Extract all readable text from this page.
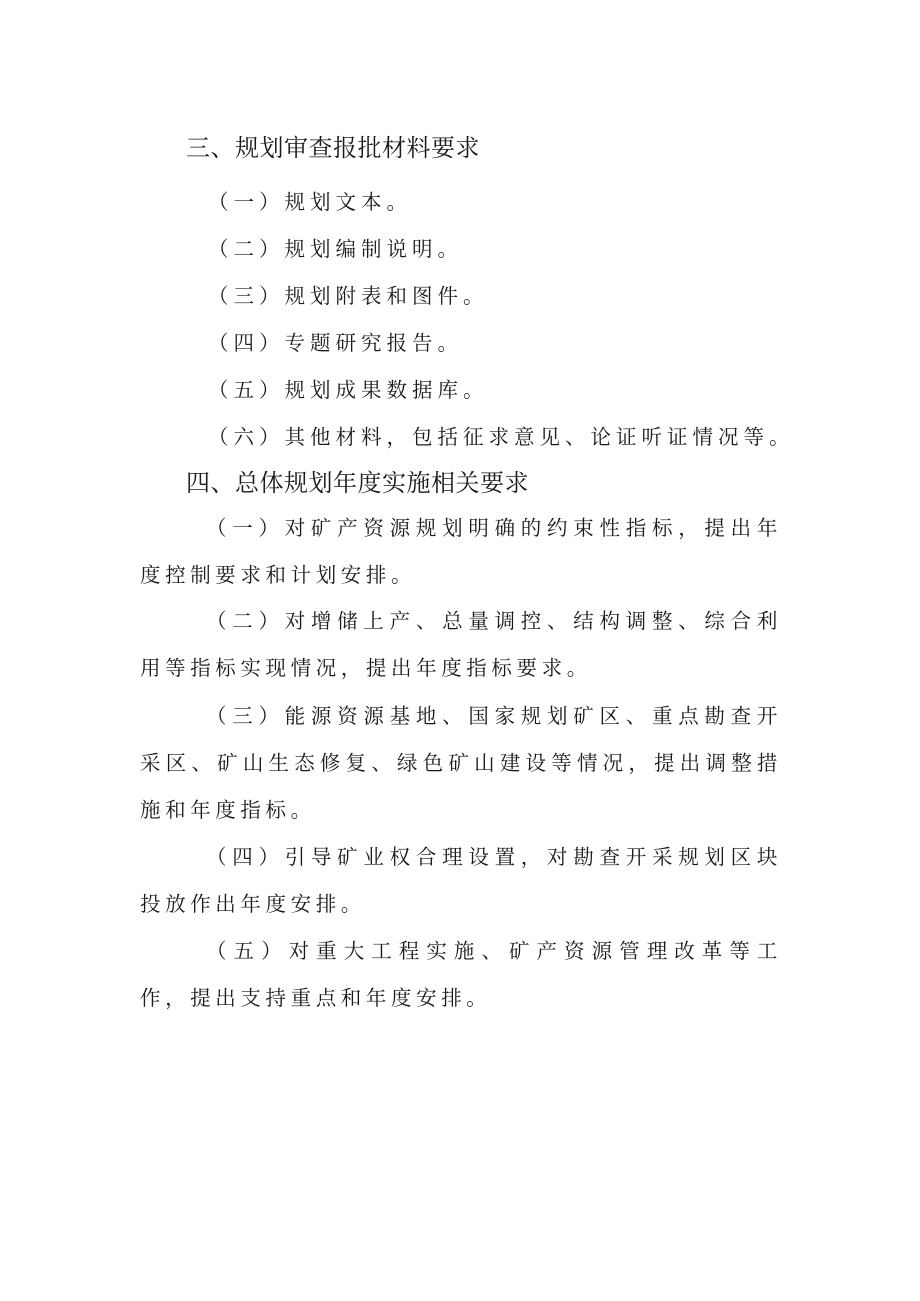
三、规划审查报批材料要求

（一）规划文本。

（二）规划编制说明。

（三）规划附表和图件。

（四）专题研究报告。

（五）规划成果数据库。

（六）其他材料，包括征求意见、论证听证情况等。

四、总体规划年度实施相关要求

（一）对矿产资源规划明确的约束性指标，提出年度控制要求和计划安排。

（二）对增储上产、总量调控、结构调整、综合利用等指标实现情况，提出年度指标要求。

（三）能源资源基地、国家规划矿区、重点勘查开采区、矿山生态修复、绿色矿山建设等情况，提出调整措施和年度指标。

（四）引导矿业权合理设置，对勘查开采规划区块投放作出年度安排。

（五）对重大工程实施、矿产资源管理改革等工作，提出支持重点和年度安排。
